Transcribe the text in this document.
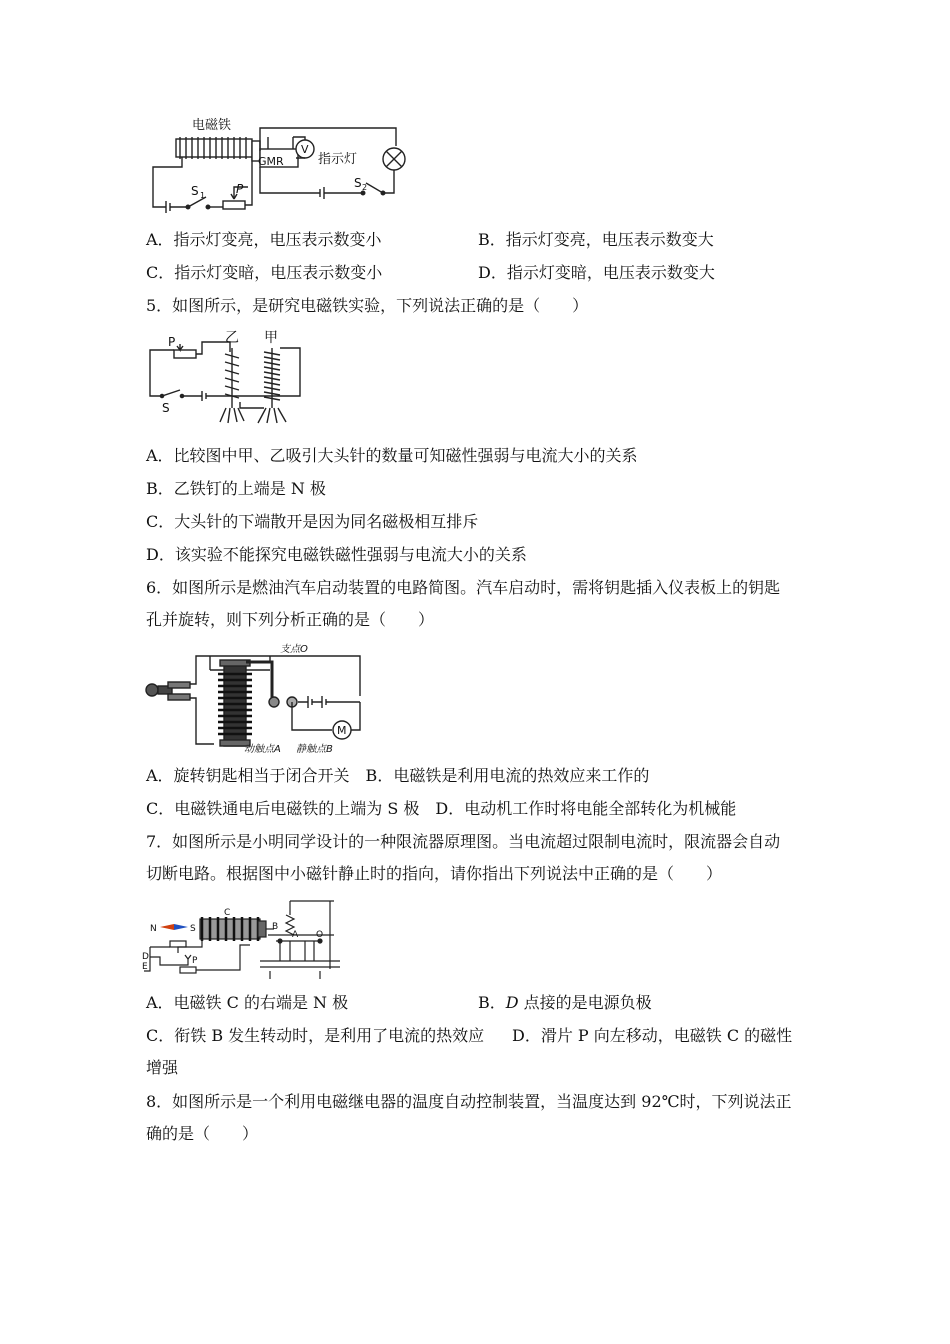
电磁铁
GMR
V
指示灯
S 1	P	S 2
A．指示灯变亮，电压表示数变小	B．指示灯变亮，电压表示数变大
C．指示灯变暗，电压表示数变小	D．指示灯变暗，电压表示数变大
5．如图所示，是研究电磁铁实验，下列说法正确的是（　　）
P	乙 甲
S
A．比较图中甲、乙吸引大头针的数量可知磁性强弱与电流大小的关系
B．乙铁钉的上端是 N 极
C．大头针的下端散开是因为同名磁极相互排斥
D．该实验不能探究电磁铁磁性强弱与电流大小的关系
6．如图所示是燃油汽车启动装置的电路简图。汽车启动时，需将钥匙插入仪表板上的钥匙
孔并旋转，则下列分析正确的是（　　）
支点O
动触点A 静触点B
M
A．旋转钥匙相当于闭合开关　B．电磁铁是利用电流的热效应来工作的
C．电磁铁通电后电磁铁的上端为 S 极　D．电动机工作时将电能全部转化为机械能
7．如图所示是小明同学设计的一种限流器原理图。当电流超过限制电流时，限流器会自动
切断电路。根据图中小磁针静止时的指向，请你指出下列说法中正确的是（　　）
N	S
C
D
E
P
B
A O
A．电磁铁 C 的右端是 N 极	B．D 点接的是电源负极
C．衔铁 B 发生转动时，是利用了电流的热效应 D．滑片 P 向左移动，电磁铁 C 的磁性
增强
8．如图所示是一个利用电磁继电器的温度自动控制装置，当温度达到 92℃时，下列说法正
确的是（　　）
